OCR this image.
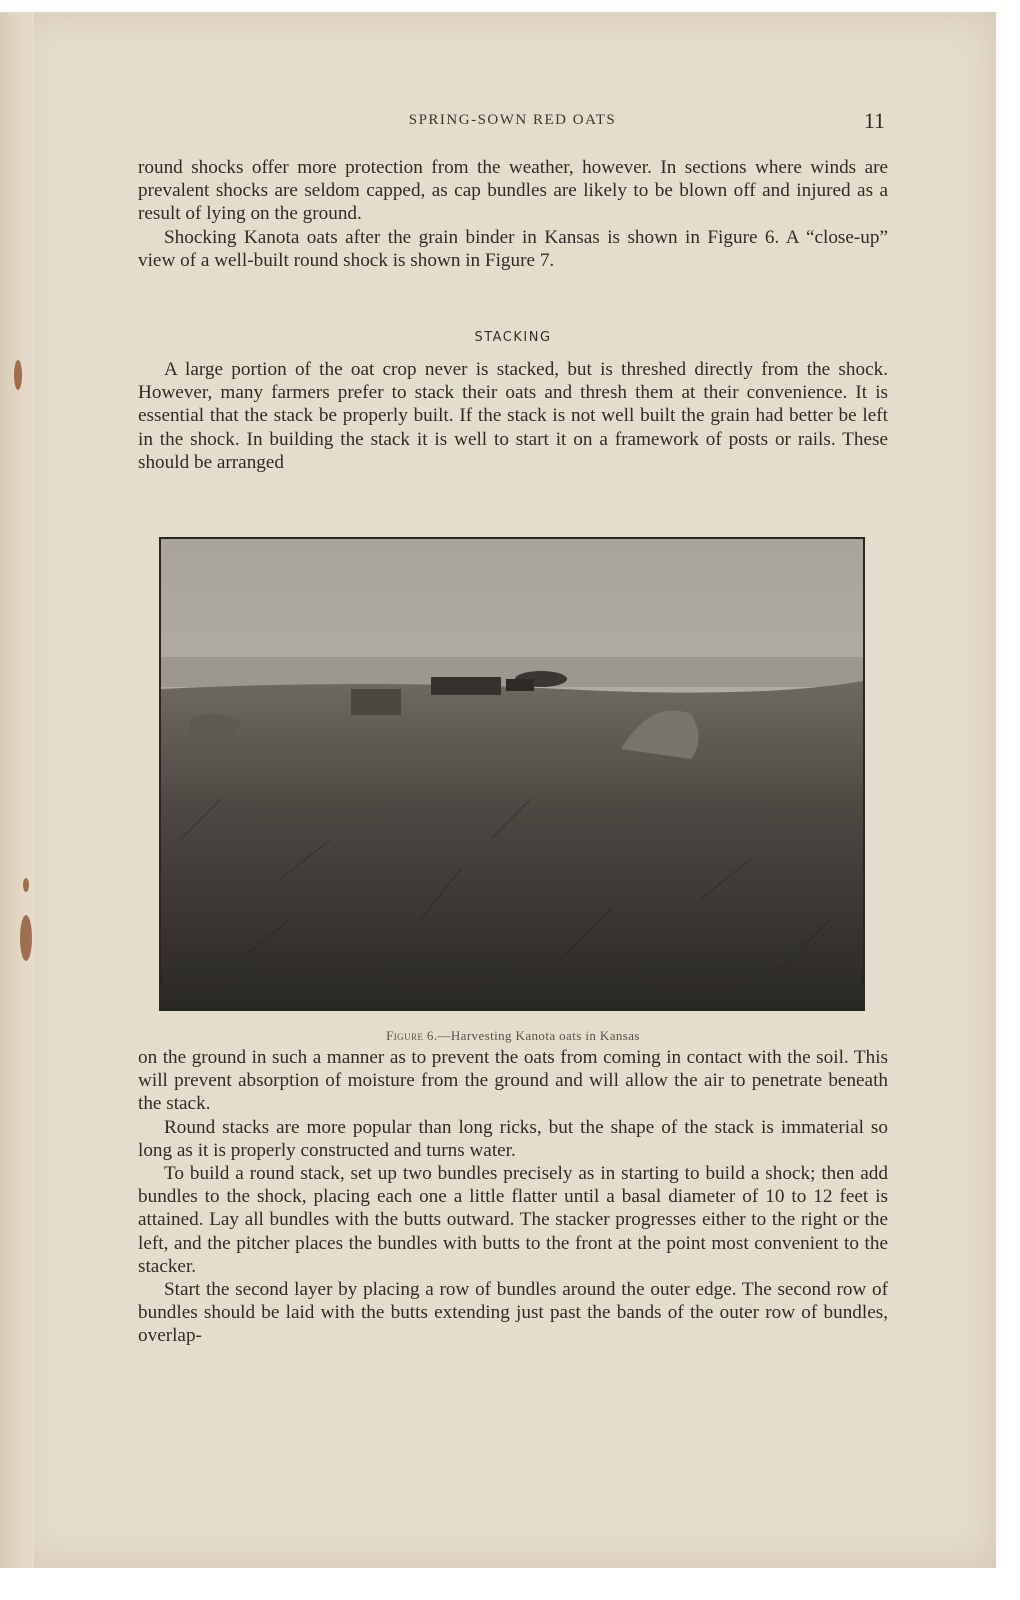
SPRING-SOWN RED OATS	11

round shocks offer more protection from the weather, however. In sections where winds are prevalent shocks are seldom capped, as cap bundles are likely to be blown off and injured as a result of lying on the ground.

Shocking Kanota oats after the grain binder in Kansas is shown in Figure 6. A “close-up” view of a well-built round shock is shown in Figure 7.

STACKING

A large portion of the oat crop never is stacked, but is threshed directly from the shock. However, many farmers prefer to stack their oats and thresh them at their convenience. It is essential that the stack be properly built. If the stack is not well built the grain had better be left in the shock. In building the stack it is well to start it on a framework of posts or rails. These should be arranged

Figure 6.—Harvesting Kanota oats in Kansas

on the ground in such a manner as to prevent the oats from coming in contact with the soil. This will prevent absorption of moisture from the ground and will allow the air to penetrate beneath the stack.

Round stacks are more popular than long ricks, but the shape of the stack is immaterial so long as it is properly constructed and turns water.

To build a round stack, set up two bundles precisely as in starting to build a shock; then add bundles to the shock, placing each one a little flatter until a basal diameter of 10 to 12 feet is attained. Lay all bundles with the butts outward. The stacker progresses either to the right or the left, and the pitcher places the bundles with butts to the front at the point most convenient to the stacker.

Start the second layer by placing a row of bundles around the outer edge. The second row of bundles should be laid with the butts extending just past the bands of the outer row of bundles, overlap-
